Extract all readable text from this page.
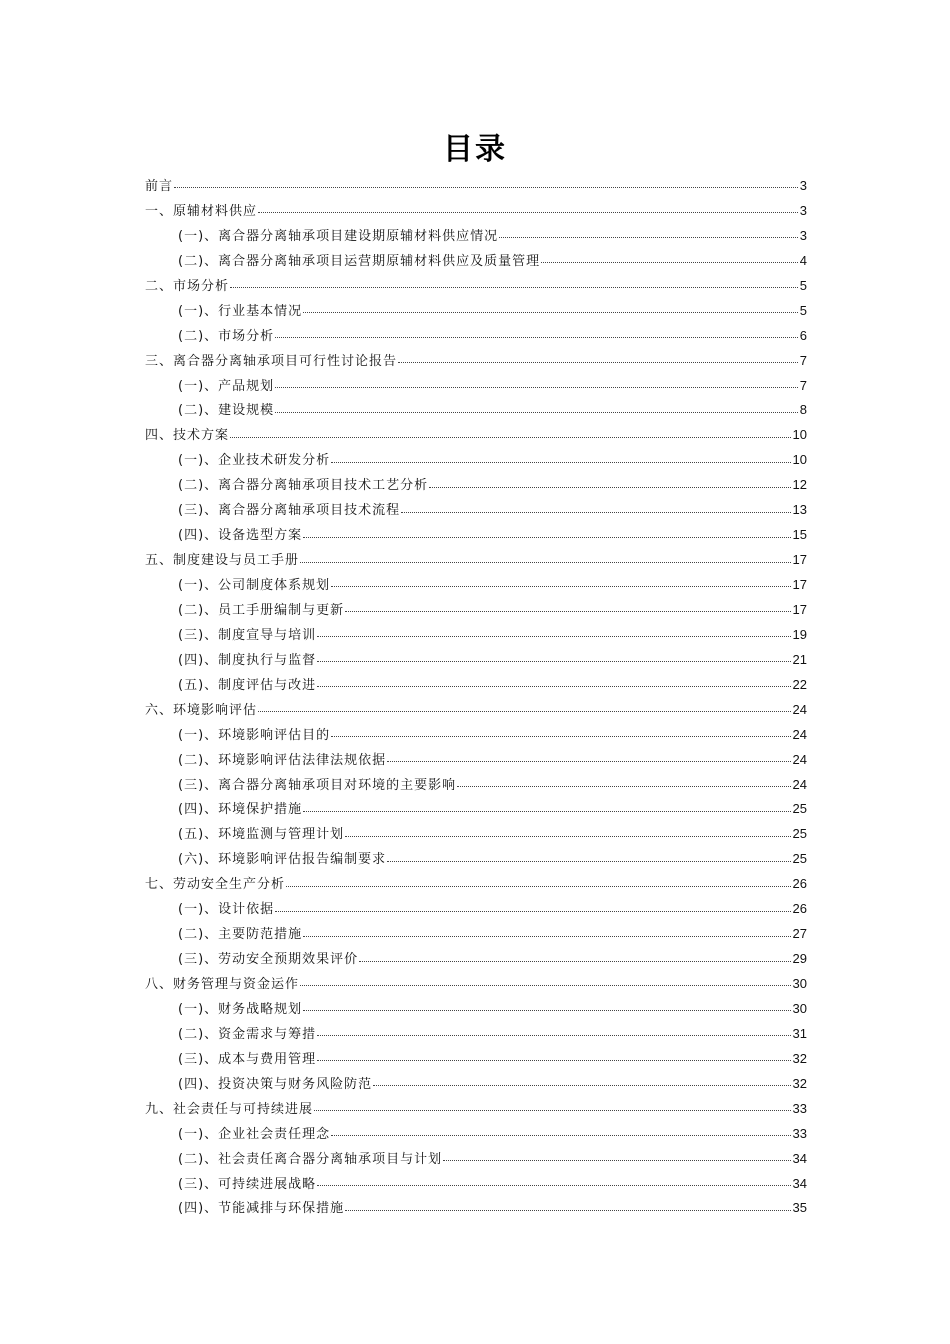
目录
前言	3
一、原辅材料供应	3
(一)、离合器分离轴承项目建设期原辅材料供应情况	3
(二)、离合器分离轴承项目运营期原辅材料供应及质量管理	4
二、市场分析	5
(一)、行业基本情况	5
(二)、市场分析	6
三、离合器分离轴承项目可行性讨论报告	7
(一)、产品规划	7
(二)、建设规模	8
四、技术方案	10
(一)、企业技术研发分析	10
(二)、离合器分离轴承项目技术工艺分析	12
(三)、离合器分离轴承项目技术流程	13
(四)、设备选型方案	15
五、制度建设与员工手册	17
(一)、公司制度体系规划	17
(二)、员工手册编制与更新	17
(三)、制度宣导与培训	19
(四)、制度执行与监督	21
(五)、制度评估与改进	22
六、环境影响评估	24
(一)、环境影响评估目的	24
(二)、环境影响评估法律法规依据	24
(三)、离合器分离轴承项目对环境的主要影响	24
(四)、环境保护措施	25
(五)、环境监测与管理计划	25
(六)、环境影响评估报告编制要求	25
七、劳动安全生产分析	26
(一)、设计依据	26
(二)、主要防范措施	27
(三)、劳动安全预期效果评价	29
八、财务管理与资金运作	30
(一)、财务战略规划	30
(二)、资金需求与筹措	31
(三)、成本与费用管理	32
(四)、投资决策与财务风险防范	32
九、社会责任与可持续进展	33
(一)、企业社会责任理念	33
(二)、社会责任离合器分离轴承项目与计划	34
(三)、可持续进展战略	34
(四)、节能减排与环保措施	35
